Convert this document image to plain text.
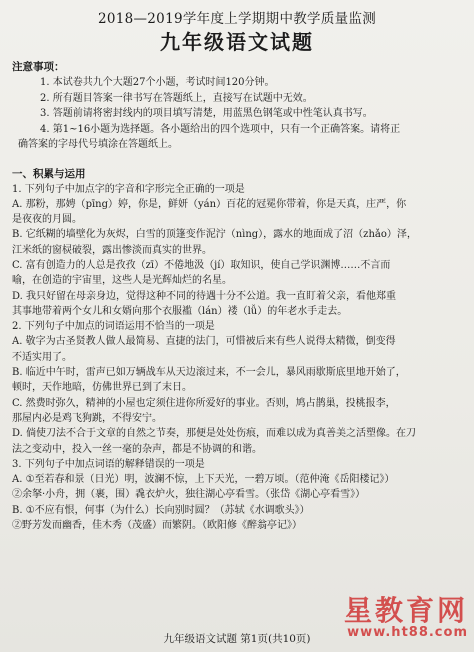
2018—2019学年度上学期期中教学质量监测
九年级语文试题
注意事项：
1. 本试卷共九个大题27个小题，考试时间120分钟。
2. 所有题目答案一律书写在答题纸上，直接写在试题中无效。
3. 答题前请将密封线内的项目填写清楚，用蓝黑色钢笔或中性笔认真书写。
4. 第1~16小题为选择题。各小题给出的四个选项中，只有一个正确答案。请将正
确答案的字母代号填涂在答题纸上。
一、积累与运用
1. 下列句子中加点字的字音和字形完全正确的一项是
A. 那粉，那娉（pīng）婷，你是，鲜妍（yán）百花的冠冕你带着，你是天真，庄严，你
是夜夜的月圆。
B. 它纸糊的墙壁化为灰烬，白雪的顶篷变作泥泞（nìng），露水的地面成了沼（zhǎo）泽，
江米纸的窗棂破裂，露出惨淡而真实的世界。
C. 富有创造力的人总是孜孜（zī）不倦地汲（jí）取知识，使自己学识渊博……不言而
喻，在创造的宇宙里，这些人是光辉灿烂的名星。
D. 我只好留在母亲身边，觉得这种不同的待遇十分不公道。我一直盯着父亲，看他郑重
其事地带着两个女儿和女婿向那个衣服褴（lán）褛（lǚ）的年老水手走去。
2. 下列句子中加点的词语运用不恰当的一项是
A. 敬字为古圣贤教人做人最简易、直捷的法门，可惜被后来有些人说得太精微，倒变得
不适实用了。
B. 临近中午时，雷声已如万辆战车从天边滚过来，不一会儿，暴风雨歇斯底里地开始了，
顿时，天作地暗，仿佛世界已到了末日。
C. 然费时弥久，精神的小屋也定须住进你所爱好的事业。否则，鸠占鹊巢，投桃报李，
那屋内必是鸡飞狗跳，不得安宁。
D. 倘使刀法不合于文章的自然之节奏，那便是处处伤痕，而难以成为真善美之活塑像。在刀
法之变动中，投入一丝一毫的杂声，都是不协调的和谐。
3. 下列句子中加点词语的解释错误的一项是
A. ①至若春和景（日光）明，波澜不惊，上下天光，一碧万顷。（范仲淹《岳阳楼记》）
②余拏·小舟，拥（裹，围）毳衣炉火，独往湖心亭看雪。（张岱《湖心亭看雪》）
B. ①不应有恨，何事（为什么）长向别时圆？（苏轼《水调歌头》）
②野芳发而幽香，佳木秀（茂盛）而繁阴。（欧阳修《醉翁亭记》）
九年级语文试题 第1页(共10页)
星教育网
www.ht88.com
